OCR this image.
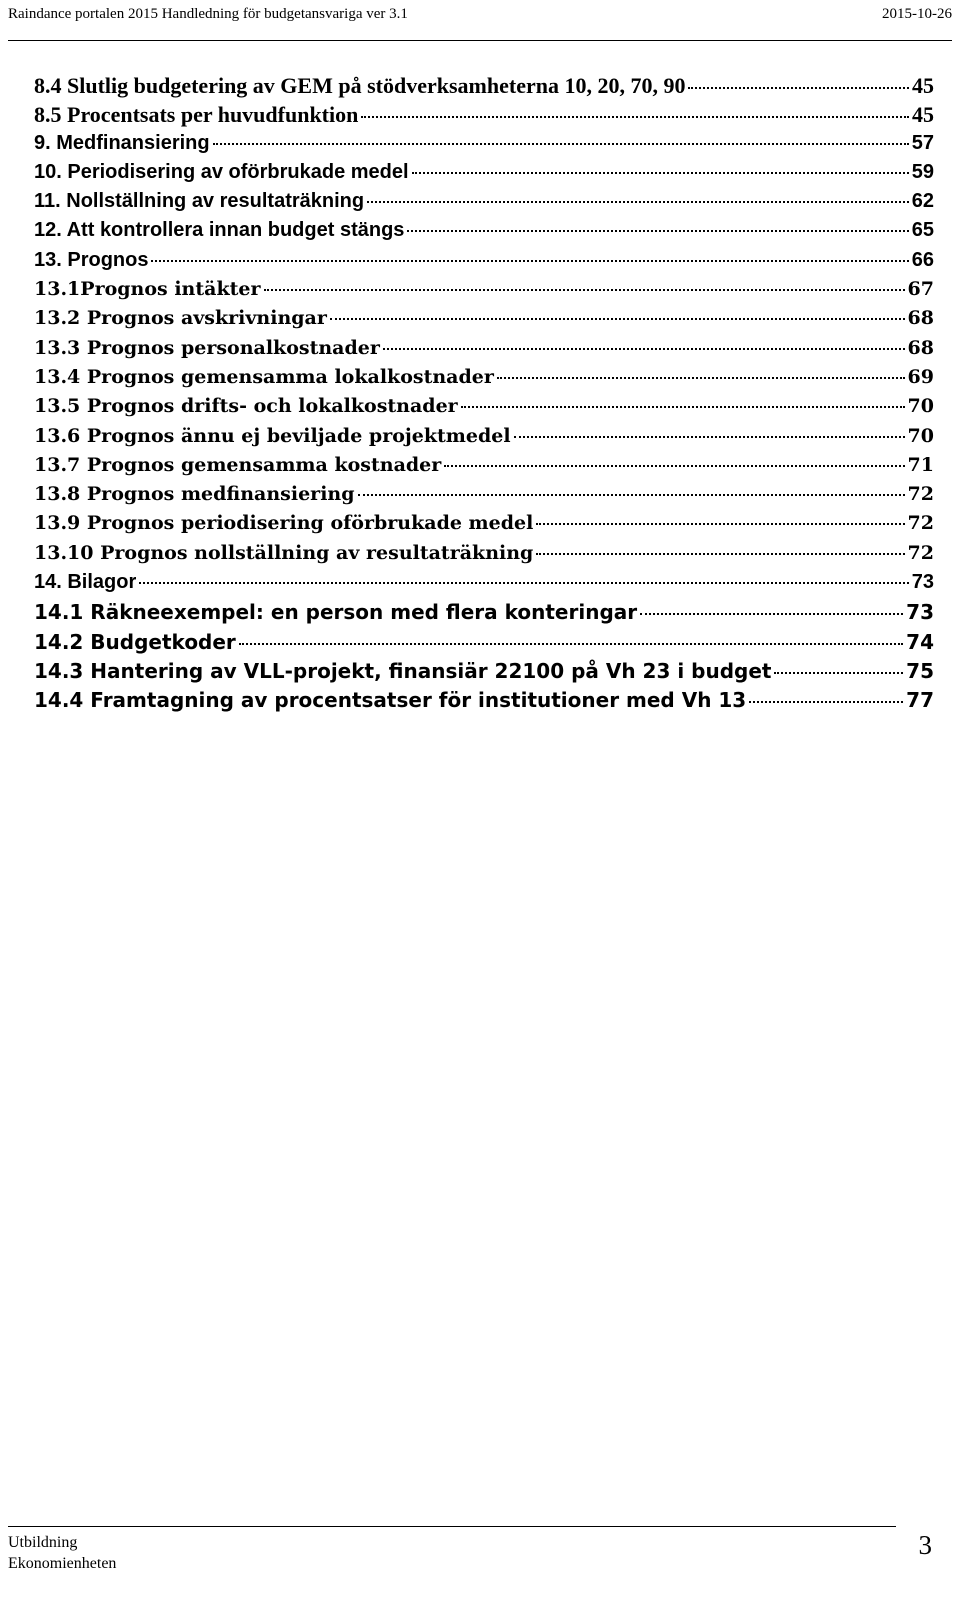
Raindance portalen 2015 Handledning för budgetansvariga ver 3.1	2015-10-26
8.4 Slutlig budgetering av GEM på stödverksamheterna 10, 20, 70, 90	45
8.5 Procentsats per huvudfunktion	45
9. Medfinansiering	57
10. Periodisering av oförbrukade medel	59
11. Nollställning av resultaträkning	62
12. Att kontrollera innan budget stängs	65
13. Prognos	66
13.1Prognos intäkter	67
13.2 Prognos avskrivningar	68
13.3 Prognos personalkostnader	68
13.4 Prognos gemensamma lokalkostnader	69
13.5 Prognos drifts- och lokalkostnader	70
13.6 Prognos ännu ej beviljade projektmedel	70
13.7 Prognos gemensamma kostnader	71
13.8 Prognos medfinansiering	72
13.9 Prognos periodisering oförbrukade medel	72
13.10 Prognos nollställning av resultaträkning	72
14. Bilagor	73
14.1 Räkneexempel: en person med flera konteringar	73
14.2 Budgetkoder	74
14.3 Hantering av VLL-projekt, finansiär 22100 på Vh 23 i budget	75
14.4 Framtagning av procentsatser för institutioner med Vh 13	77
Utbildning
Ekonomienheten
3
